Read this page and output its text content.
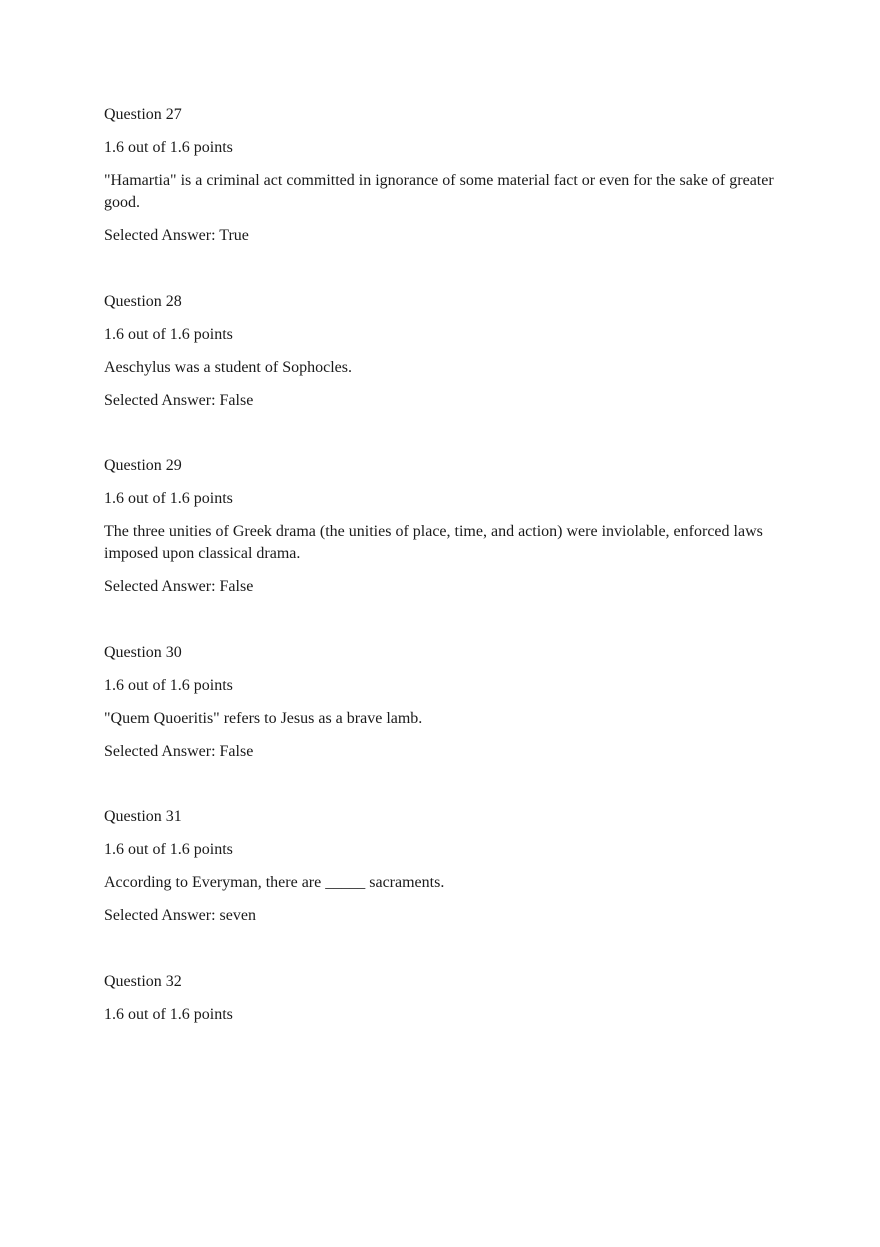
Question 27

1.6 out of 1.6 points

"Hamartia" is a criminal act committed in ignorance of some material fact or even for the sake of greater good.

Selected Answer: True

Question 28

1.6 out of 1.6 points

Aeschylus was a student of Sophocles.

Selected Answer: False

Question 29

1.6 out of 1.6 points

The three unities of Greek drama (the unities of place, time, and action) were inviolable, enforced laws imposed upon classical drama.

Selected Answer: False

Question 30

1.6 out of 1.6 points

"Quem Quoeritis" refers to Jesus as a brave lamb.

Selected Answer: False

Question 31

1.6 out of 1.6 points

According to Everyman, there are _____ sacraments.

Selected Answer: seven

Question 32

1.6 out of 1.6 points
